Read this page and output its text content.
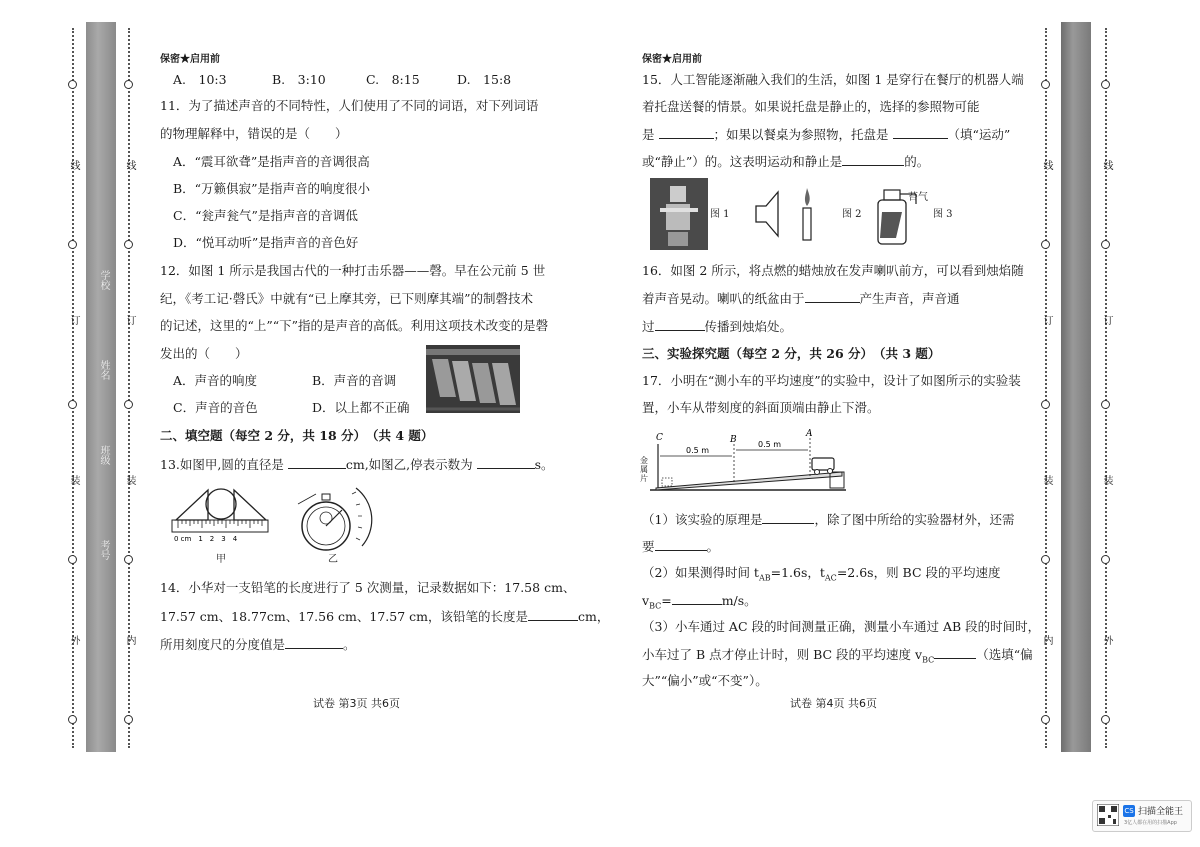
线
订
装
外
线
订
装
内
学校
姓名
班级
考号
线
订
装
内
线
订
装
外
保密★启用前
A.　10:3	B.　3:10	C.　8:15	D.　15:8
11．为了描述声音的不同特性，人们使用了不同的词语，对下列词语
的物理解释中，错误的是（　　）
A．“震耳欲聋”是指声音的音调很高
B．“万籁俱寂”是指声音的响度很小
C．“瓮声瓮气”是指声音的音调低
D．“悦耳动听”是指声音的音色好
12．如图 1 所示是我国古代的一种打击乐器——磬。早在公元前 5 世
纪，《考工记·磬氏》中就有“已上摩其旁，已下则摩其端”的制磬技术
的记述，这里的“上”“下”指的是声音的高低。利用这项技术改变的是磬
发出的（　　）
A．声音的响度	B．声音的音调
C．声音的音色	D．以上都不正确
二、填空题（每空 2 分，共 18 分）　（共 4 题）
13.如图甲,圆的直径是	cm,如图乙,停表示数为	s。
0 cm　1　2　3　4
甲	乙
14．小华对一支铅笔的长度进行了 5 次测量，记录数据如下：17.58 cm、
17.57 cm、18.77cm、17.56 cm、17.57 cm，该铅笔的长度是	cm，
所用刻度尺的分度值是	。
试卷 第3页 共6页
保密★启用前
15．人工智能逐渐融入我们的生活，如图 1 是穿行在餐厅的机器人端
着托盘送餐的情景。如果说托盘是静止的，选择的参照物可能
是	；如果以餐桌为参照物，托盘是	（填“运动”
或“静止”）的。这表明运动和静止是	的。
图 1	图 2
苔气
图 3
16．如图 2 所示，将点燃的蜡烛放在发声喇叭前方，可以看到烛焰随
着声音晃动。喇叭的纸盆由于	产生声音，声音通
过	传播到烛焰处。
三、实验探究题（每空 2 分，共 26 分）　（共 3 题）
17．小明在“测小车的平均速度”的实验中，设计了如图所示的实验装
置，小车从带刻度的斜面顶端由静止下滑。
C	B
A
0.5 m
0.5 m
金属片
（1）该实验的原理是	，除了图中所给的实验器材外，还需
要	。
（2）如果测得时间 $t_{AB}=1.6s$，$t_{AC}=2.6s$，则 BC 段的平均速度
$v_{BC}=$	m/s。
（3）小车通过 AC 段的时间测量正确，测量小车通过 AB 段的时间时，
小车过了 B 点才停止计时，则 BC 段的平均速度 $v_{BC}$	（选填“偏
大”“偏小”或“不变”）。
试卷 第4页 共6页
CS 扫描全能王
3亿人都在用的扫描App
